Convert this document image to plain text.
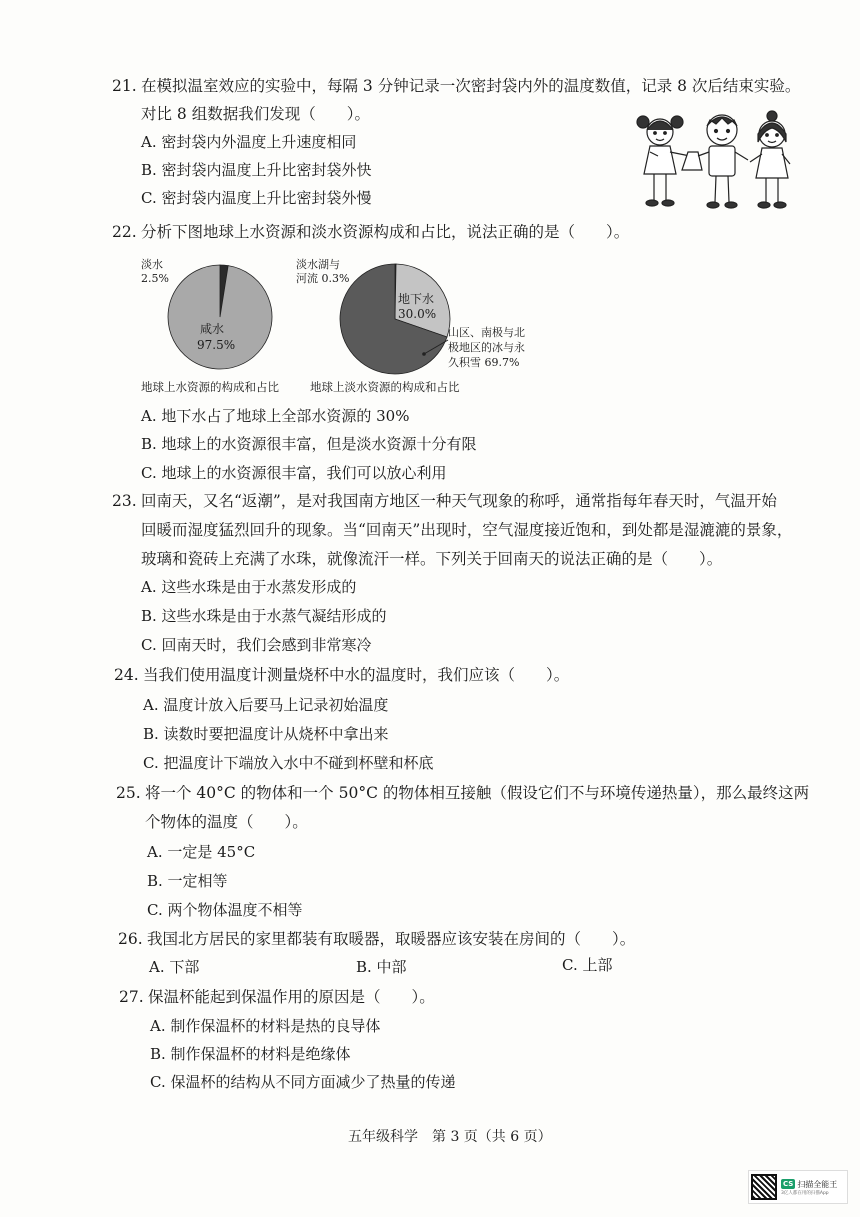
21. 在模拟温室效应的实验中，每隔 3 分钟记录一次密封袋内外的温度数值，记录 8 次后结束实验。
对比 8 组数据我们发现（　　）。
A. 密封袋内外温度上升速度相同
B. 密封袋内温度上升比密封袋外快
C. 密封袋内温度上升比密封袋外慢
22. 分析下图地球上水资源和淡水资源构成和占比，说法正确的是（　　）。
淡水
2.5%
咸水
97.5%
地球上水资源的构成和占比
淡水湖与
河流 0.3%
地下水
30.0%
山区、南极与北
极地区的冰与永
久积雪 69.7%
地球上淡水资源的构成和占比
A. 地下水占了地球上全部水资源的 30%
B. 地球上的水资源很丰富，但是淡水资源十分有限
C. 地球上的水资源很丰富，我们可以放心利用
23. 回南天，又名“返潮”，是对我国南方地区一种天气现象的称呼，通常指每年春天时，气温开始
回暖而湿度猛烈回升的现象。当“回南天”出现时，空气湿度接近饱和，到处都是湿漉漉的景象，
玻璃和瓷砖上充满了水珠，就像流汗一样。下列关于回南天的说法正确的是（　　）。
A. 这些水珠是由于水蒸发形成的
B. 这些水珠是由于水蒸气凝结形成的
C. 回南天时，我们会感到非常寒冷
24. 当我们使用温度计测量烧杯中水的温度时，我们应该（　　）。
A. 温度计放入后要马上记录初始温度
B. 读数时要把温度计从烧杯中拿出来
C. 把温度计下端放入水中不碰到杯壁和杯底
25. 将一个 40°C 的物体和一个 50°C 的物体相互接触（假设它们不与环境传递热量），那么最终这两
个物体的温度（　　）。
A. 一定是 45°C
B. 一定相等
C. 两个物体温度不相等
26. 我国北方居民的家里都装有取暖器，取暖器应该安装在房间的（　　）。
A. 下部	B. 中部	C. 上部
27. 保温杯能起到保温作用的原因是（　　）。
A. 制作保温杯的材料是热的良导体
B. 制作保温杯的材料是绝缘体
C. 保温杯的结构从不同方面减少了热量的传递
五年级科学　第 3 页（共 6 页）
CS 扫描全能王
3亿人都在用的扫描App
